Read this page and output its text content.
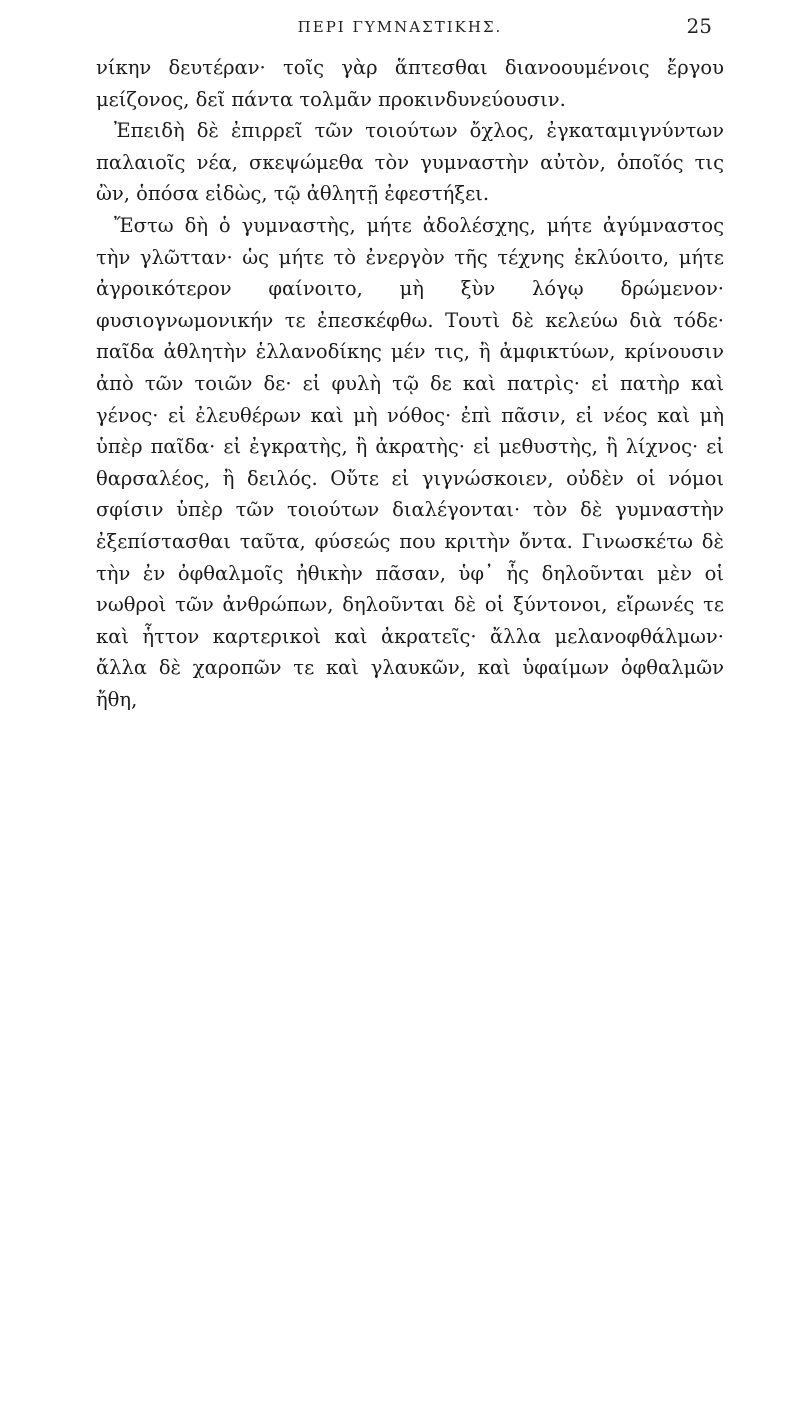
ΠΕΡΙ ΓΥΜΝΑΣΤΙΚΗΣ.	25

νίκην δευτέραν· τοῖς γὰρ ἅπτεσθαι διανοουμένοις ἔργου μείζονος, δεῖ πάντα τολμᾶν προκινδυνεύουσιν.

Ἐπειδὴ δὲ ἐπιρρεῖ τῶν τοιούτων ὄχλος, ἐγκαταμιγνύντων παλαιοῖς νέα, σκεψώμεθα τὸν γυμναστὴν αὐτὸν, ὁποῖός τις ὢν, ὁπόσα εἰδὼς, τῷ ἀθλητῇ ἐφεστήξει.

Ἔστω δὴ ὁ γυμναστὴς, μήτε ἀδολέσχης, μήτε ἀγύμναστος τὴν γλῶτταν· ὡς μήτε τὸ ἐνεργὸν τῆς τέχνης ἐκλύοιτο, μήτε ἀγροικότερον φαίνοιτο, μὴ ξὺν λόγῳ δρώμενον· φυσιογνωμονικήν τε ἐπεσκέφθω. Τουτὶ δὲ κελεύω διὰ τόδε· παῖδα ἀθλητὴν ἑλλανοδίκης μέν τις, ἢ ἀμφικτύων, κρίνουσιν ἀπὸ τῶν τοιῶν δε· εἰ φυλὴ τῷ δε καὶ πατρὶς· εἰ πατὴρ καὶ γένος· εἰ ἐλευθέρων καὶ μὴ νόθος· ἐπὶ πᾶσιν, εἰ νέος καὶ μὴ ὑπὲρ παῖδα· εἰ ἐγκρατὴς, ἢ ἀκρατὴς· εἰ μεθυστὴς, ἢ λίχνος· εἰ θαρσαλέος, ἢ δειλός. Οὔτε εἰ γιγνώσκοιεν, οὐδὲν οἱ νόμοι σφίσιν ὑπὲρ τῶν τοιούτων διαλέγονται· τὸν δὲ γυμναστὴν ἐξεπίστασθαι ταῦτα, φύσεώς που κριτὴν ὄντα. Γινωσκέτω δὲ τὴν ἐν ὀφθαλμοῖς ἠθικὴν πᾶσαν, ὑφ᾽ ἧς δηλοῦνται μὲν οἱ νωθροὶ τῶν ἀνθρώπων, δηλοῦνται δὲ οἱ ξύντονοι, εἴρωνές τε καὶ ἧττον καρτερικοὶ καὶ ἀκρατεῖς· ἄλλα μελανοφθάλμων· ἄλλα δὲ χαροπῶν τε καὶ γλαυκῶν, καὶ ὑφαίμων ὀφθαλμῶν ἤθη,
